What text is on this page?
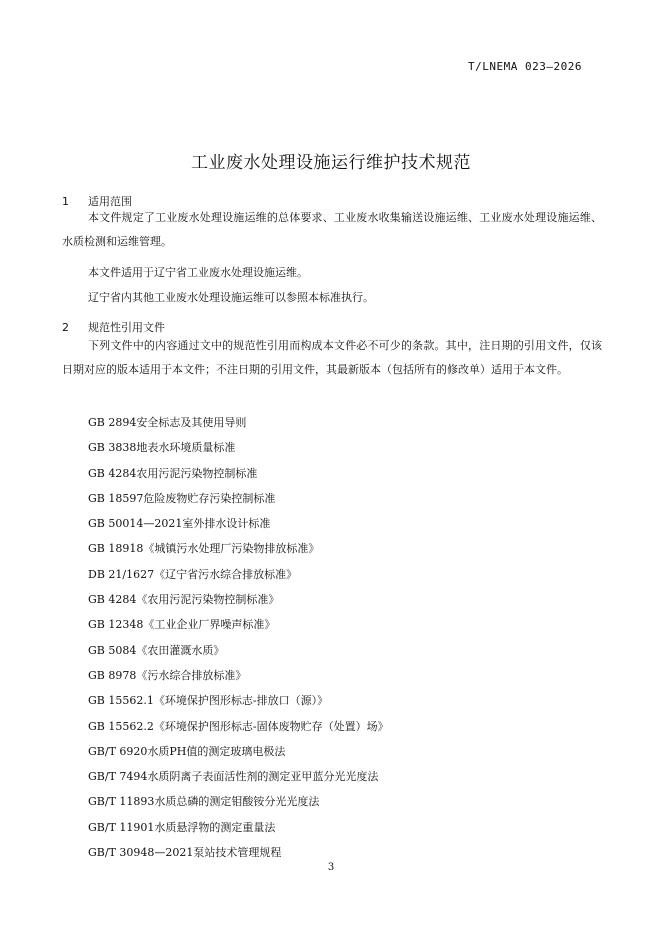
T/LNEMA 023—2026
工业废水处理设施运行维护技术规范
1 适用范围

本文件规定了工业废水处理设施运维的总体要求、工业废水收集输送设施运维、工业废水处理设施运维、水质检测和运维管理。

本文件适用于辽宁省工业废水处理设施运维。

辽宁省内其他工业废水处理设施运维可以参照本标准执行。

2 规范性引用文件

下列文件中的内容通过文中的规范性引用而构成本文件必不可少的条款。其中，注日期的引用文件，仅该日期对应的版本适用于本文件；不注日期的引用文件，其最新版本（包括所有的修改单）适用于本文件。

GB 2894安全标志及其使用导则
GB 3838地表水环境质量标准
GB 4284农用污泥污染物控制标准
GB 18597危险废物贮存污染控制标准
GB 50014—2021室外排水设计标准
GB 18918《城镇污水处理厂污染物排放标准》
DB 21/1627《辽宁省污水综合排放标准》
GB 4284《农用污泥污染物控制标准》
GB 12348《工业企业厂界噪声标准》
GB 5084《农田灌溉水质》
GB 8978《污水综合排放标准》
GB 15562.1《环境保护图形标志-排放口（源）》
GB 15562.2《环境保护图形标志-固体废物贮存（处置）场》
GB/T 6920水质PH值的测定玻璃电极法
GB/T 7494水质阴离子表面活性剂的测定亚甲蓝分光光度法
GB/T 11893水质总磷的测定钼酸铵分光光度法
GB/T 11901水质悬浮物的测定重量法
GB/T 30948—2021泵站技术管理规程
3
